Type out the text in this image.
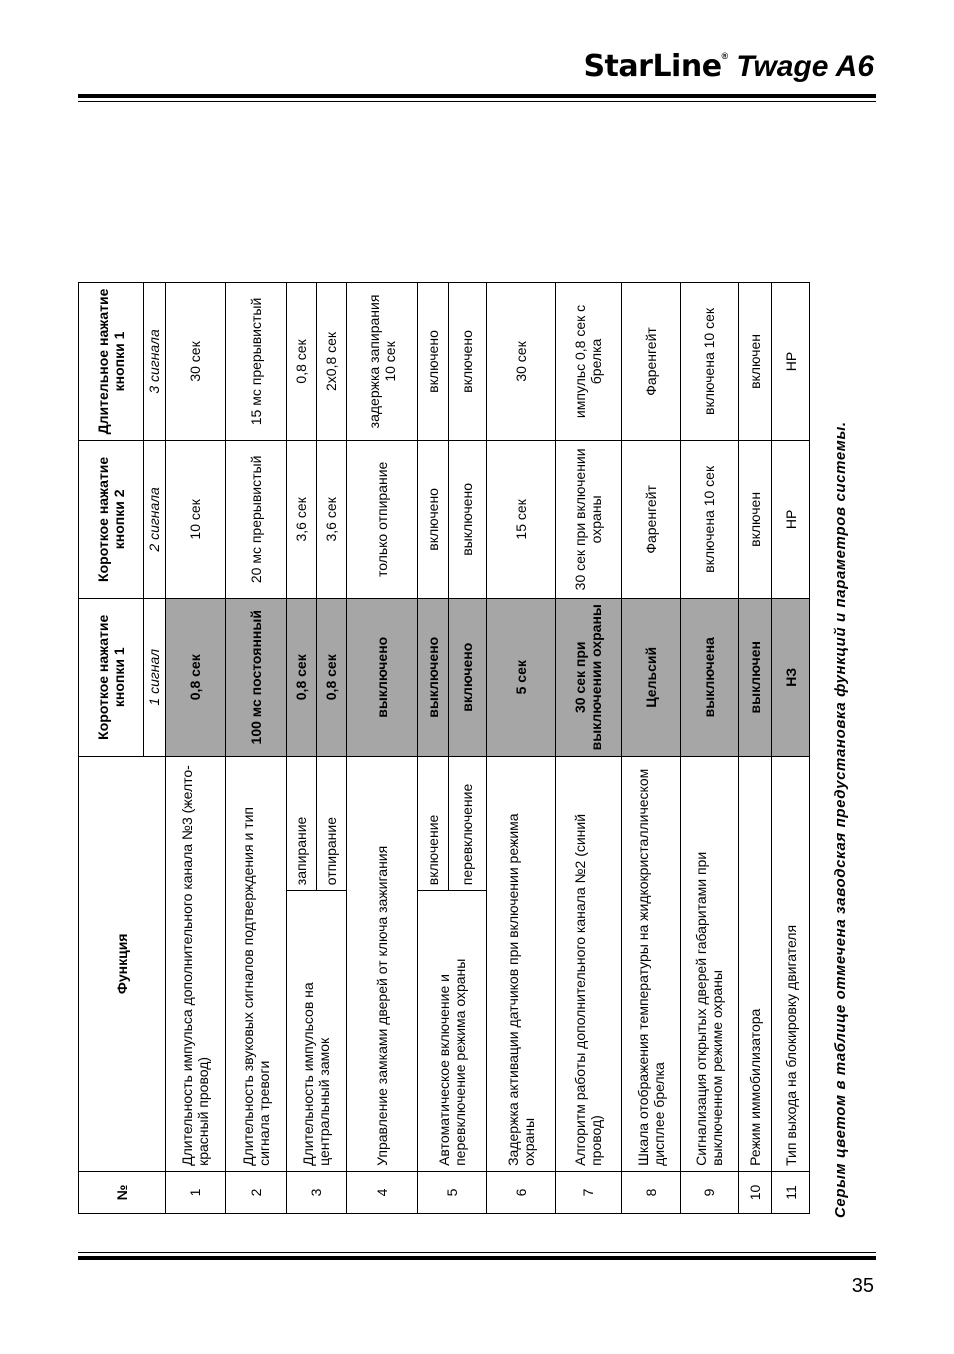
StarLine® Twage A6
№	Функция		Короткое нажатие кнопки 1	Короткое нажатие кнопки 2	Длительное нажатие кнопки 1
			1 сигнал	2 сигнала	3 сигнала
1	Длительность импульса дополнительного канала №3 (желто-красный провод)		0,8 сек	10 сек	30 сек
2	Длительность звуковых сигналов подтверждения и тип сигнала тревоги		100 мс постоянный	20 мс прерывистый	15 мс прерывистый
3	Длительность импульсов на центральный замок	запирание	0,8 сек	3,6 сек	0,8 сек
		отпирание	0,8 сек	3,6 сек	2х0,8 сек
4	Управление замками дверей от ключа зажигания		выключено	только отпирание	задержка запирания 10 сек
5	Автоматическое включение и перевключение режима охраны	включение	выключено	включено	включено
		перевключение	включено	выключено	включено
6	Задержка активации датчиков при включении режима охраны		5 сек	15 сек	30 сек
7	Алгоритм работы дополнительного канала №2 (синий провод)		30 сек при выключении охраны	30 сек при включении охраны	импульс 0,8 сек с брелка
8	Шкала отображения температуры на жидкокристаллическом дисплее брелка		Цельсий	Фаренгейт	Фаренгейт
9	Сигнализация открытых дверей габаритами при выключенном режиме охраны		выключена	включена 10 сек	включена 10 сек
10	Режим иммобилизатора		выключен	включен	включен
11	Тип выхода на блокировку двигателя		НЗ	НР	НР
Серым цветом в таблице отмечена заводская предустановка функций и параметров системы.
35
